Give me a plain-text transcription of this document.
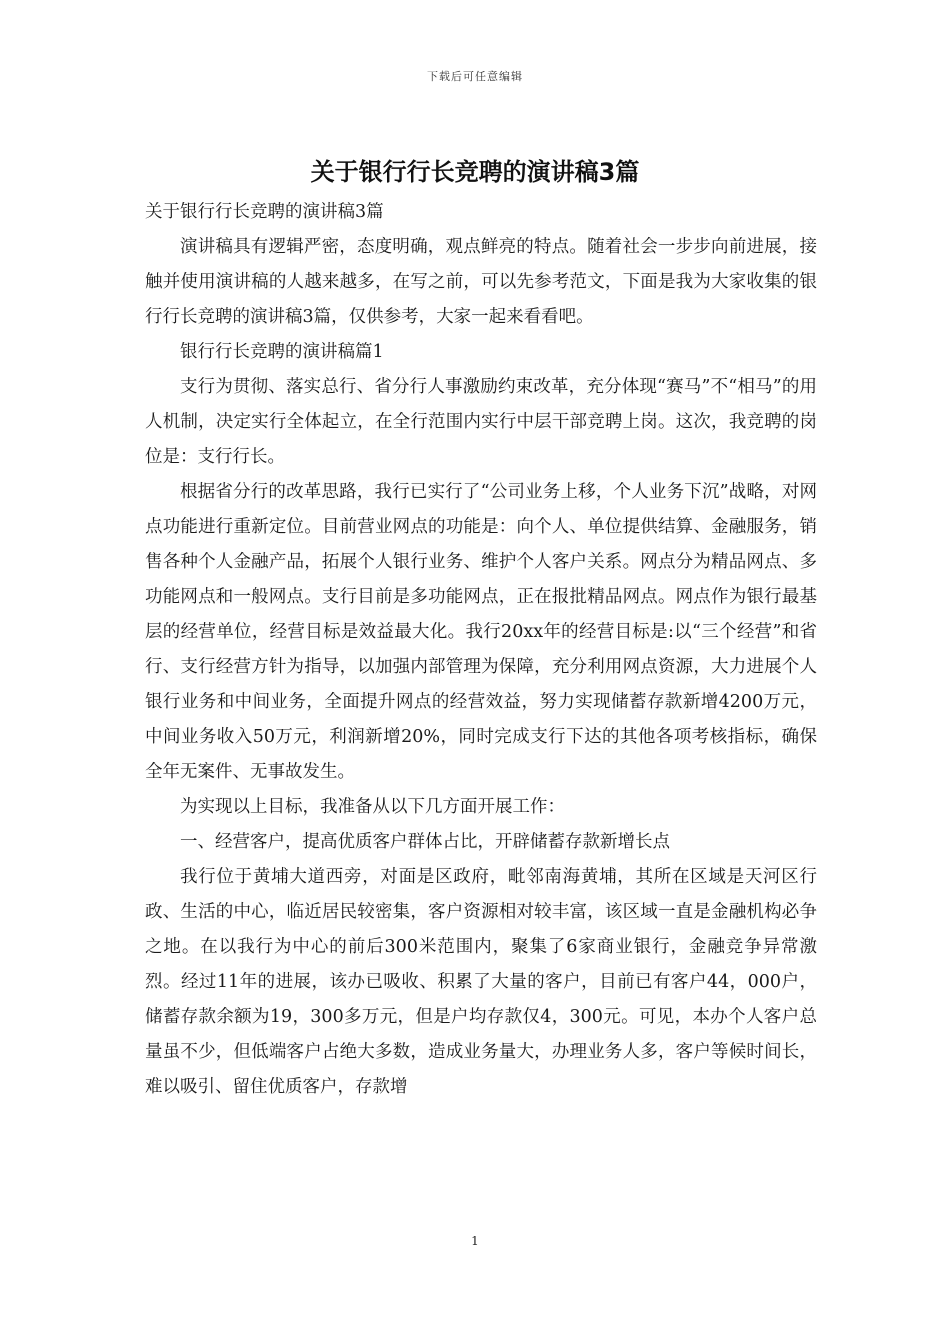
下载后可任意编辑
关于银行行长竞聘的演讲稿3篇

关于银行行长竞聘的演讲稿3篇

演讲稿具有逻辑严密，态度明确，观点鲜亮的特点。随着社会一步步向前进展，接触并使用演讲稿的人越来越多，在写之前，可以先参考范文，下面是我为大家收集的银行行长竞聘的演讲稿3篇，仅供参考，大家一起来看看吧。

银行行长竞聘的演讲稿篇1

支行为贯彻、落实总行、省分行人事激励约束改革，充分体现“赛马”不“相马”的用人机制，决定实行全体起立，在全行范围内实行中层干部竞聘上岗。这次，我竞聘的岗位是：支行行长。

根据省分行的改革思路，我行已实行了“公司业务上移，个人业务下沉”战略，对网点功能进行重新定位。目前营业网点的功能是：向个人、单位提供结算、金融服务，销售各种个人金融产品，拓展个人银行业务、维护个人客户关系。网点分为精品网点、多功能网点和一般网点。支行目前是多功能网点，正在报批精品网点。网点作为银行最基层的经营单位，经营目标是效益最大化。我行20xx年的经营目标是:以“三个经营”和省行、支行经营方针为指导，以加强内部管理为保障，充分利用网点资源，大力进展个人银行业务和中间业务，全面提升网点的经营效益，努力实现储蓄存款新增4200万元，中间业务收入50万元，利润新增20%，同时完成支行下达的其他各项考核指标，确保全年无案件、无事故发生。

为实现以上目标，我准备从以下几方面开展工作：

一、经营客户，提高优质客户群体占比，开辟储蓄存款新增长点

我行位于黄埔大道西旁，对面是区政府，毗邻南海黄埔，其所在区域是天河区行政、生活的中心，临近居民较密集，客户资源相对较丰富，该区域一直是金融机构必争之地。在以我行为中心的前后300米范围内，聚集了6家商业银行，金融竞争异常激烈。经过11年的进展，该办已吸收、积累了大量的客户，目前已有客户44，000户，储蓄存款余额为19，300多万元，但是户均存款仅4，300元。可见，本办个人客户总量虽不少，但低端客户占绝大多数，造成业务量大，办理业务人多，客户等候时间长，难以吸引、留住优质客户，存款增

1
